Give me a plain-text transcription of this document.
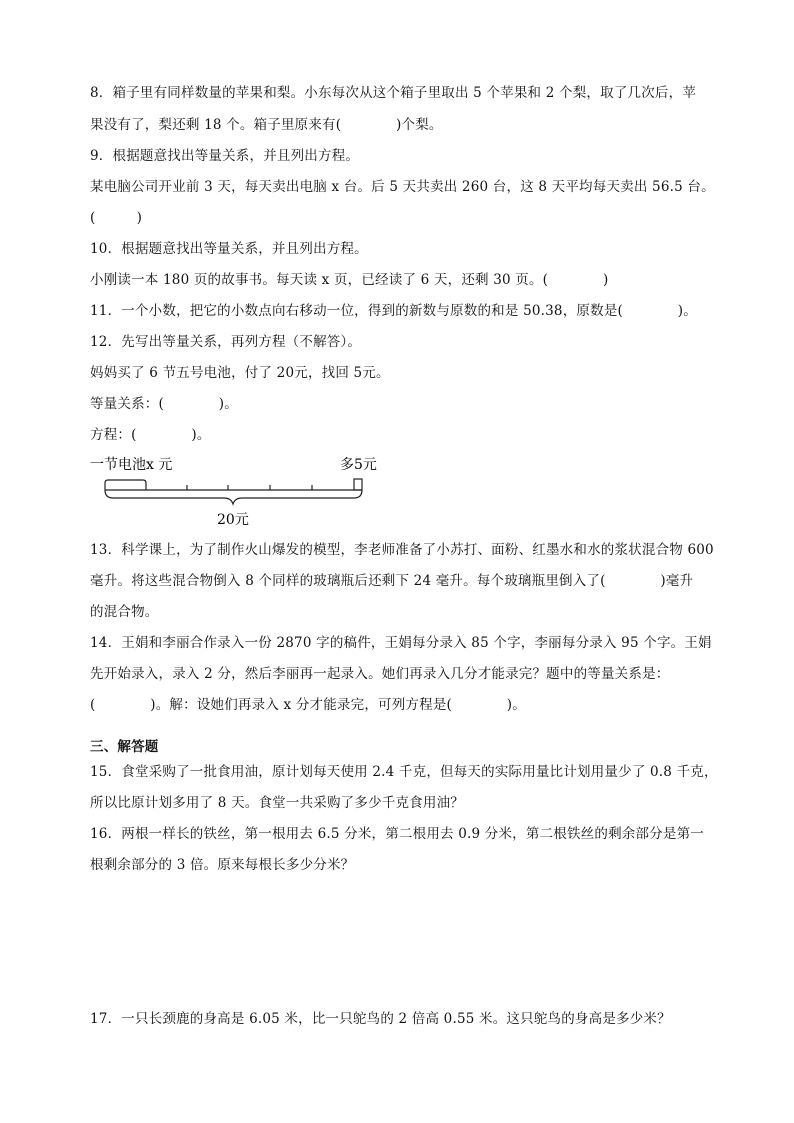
8．箱子里有同样数量的苹果和梨。小东每次从这个箱子里取出 5 个苹果和 2 个梨，取了几次后，苹
果没有了，梨还剩 18 个。箱子里原来有(　　　　)个梨。
9．根据题意找出等量关系，并且列出方程。
某电脑公司开业前 3 天，每天卖出电脑 x 台。后 5 天共卖出 260 台，这 8 天平均每天卖出 56.5 台。
(　　　)
10．根据题意找出等量关系，并且列出方程。
小刚读一本 180 页的故事书。每天读 x 页，已经读了 6 天，还剩 30 页。(　　　　)
11．一个小数，把它的小数点向右移动一位，得到的新数与原数的和是 50.38，原数是(　　　　)。
12．先写出等量关系，再列方程（不解答）。
妈妈买了 6 节五号电池，付了 20元，找回 5元。
等量关系：(　　　　)。
方程：(　　　　)。
一节电池x 元	多5元
20元
13．科学课上，为了制作火山爆发的模型，李老师准备了小苏打、面粉、红墨水和水的浆状混合物 600
毫升。将这些混合物倒入 8 个同样的玻璃瓶后还剩下 24 毫升。每个玻璃瓶里倒入了(　　　　)毫升
的混合物。
14．王娟和李丽合作录入一份 2870 字的稿件，王娟每分录入 85 个字，李丽每分录入 95 个字。王娟
先开始录入，录入 2 分，然后李丽再一起录入。她们再录入几分才能录完？题中的等量关系是：
(　　　　)。解：设她们再录入 x 分才能录完，可列方程是(　　　　)。
三、解答题
15．食堂采购了一批食用油，原计划每天使用 2.4 千克，但每天的实际用量比计划用量少了 0.8 千克，
所以比原计划多用了 8 天。食堂一共采购了多少千克食用油？
16．两根一样长的铁丝，第一根用去 6.5 分米，第二根用去 0.9 分米，第二根铁丝的剩余部分是第一
根剩余部分的 3 倍。原来每根长多少分米？
17．一只长颈鹿的身高是 6.05 米，比一只鸵鸟的 2 倍高 0.55 米。这只鸵鸟的身高是多少米？
